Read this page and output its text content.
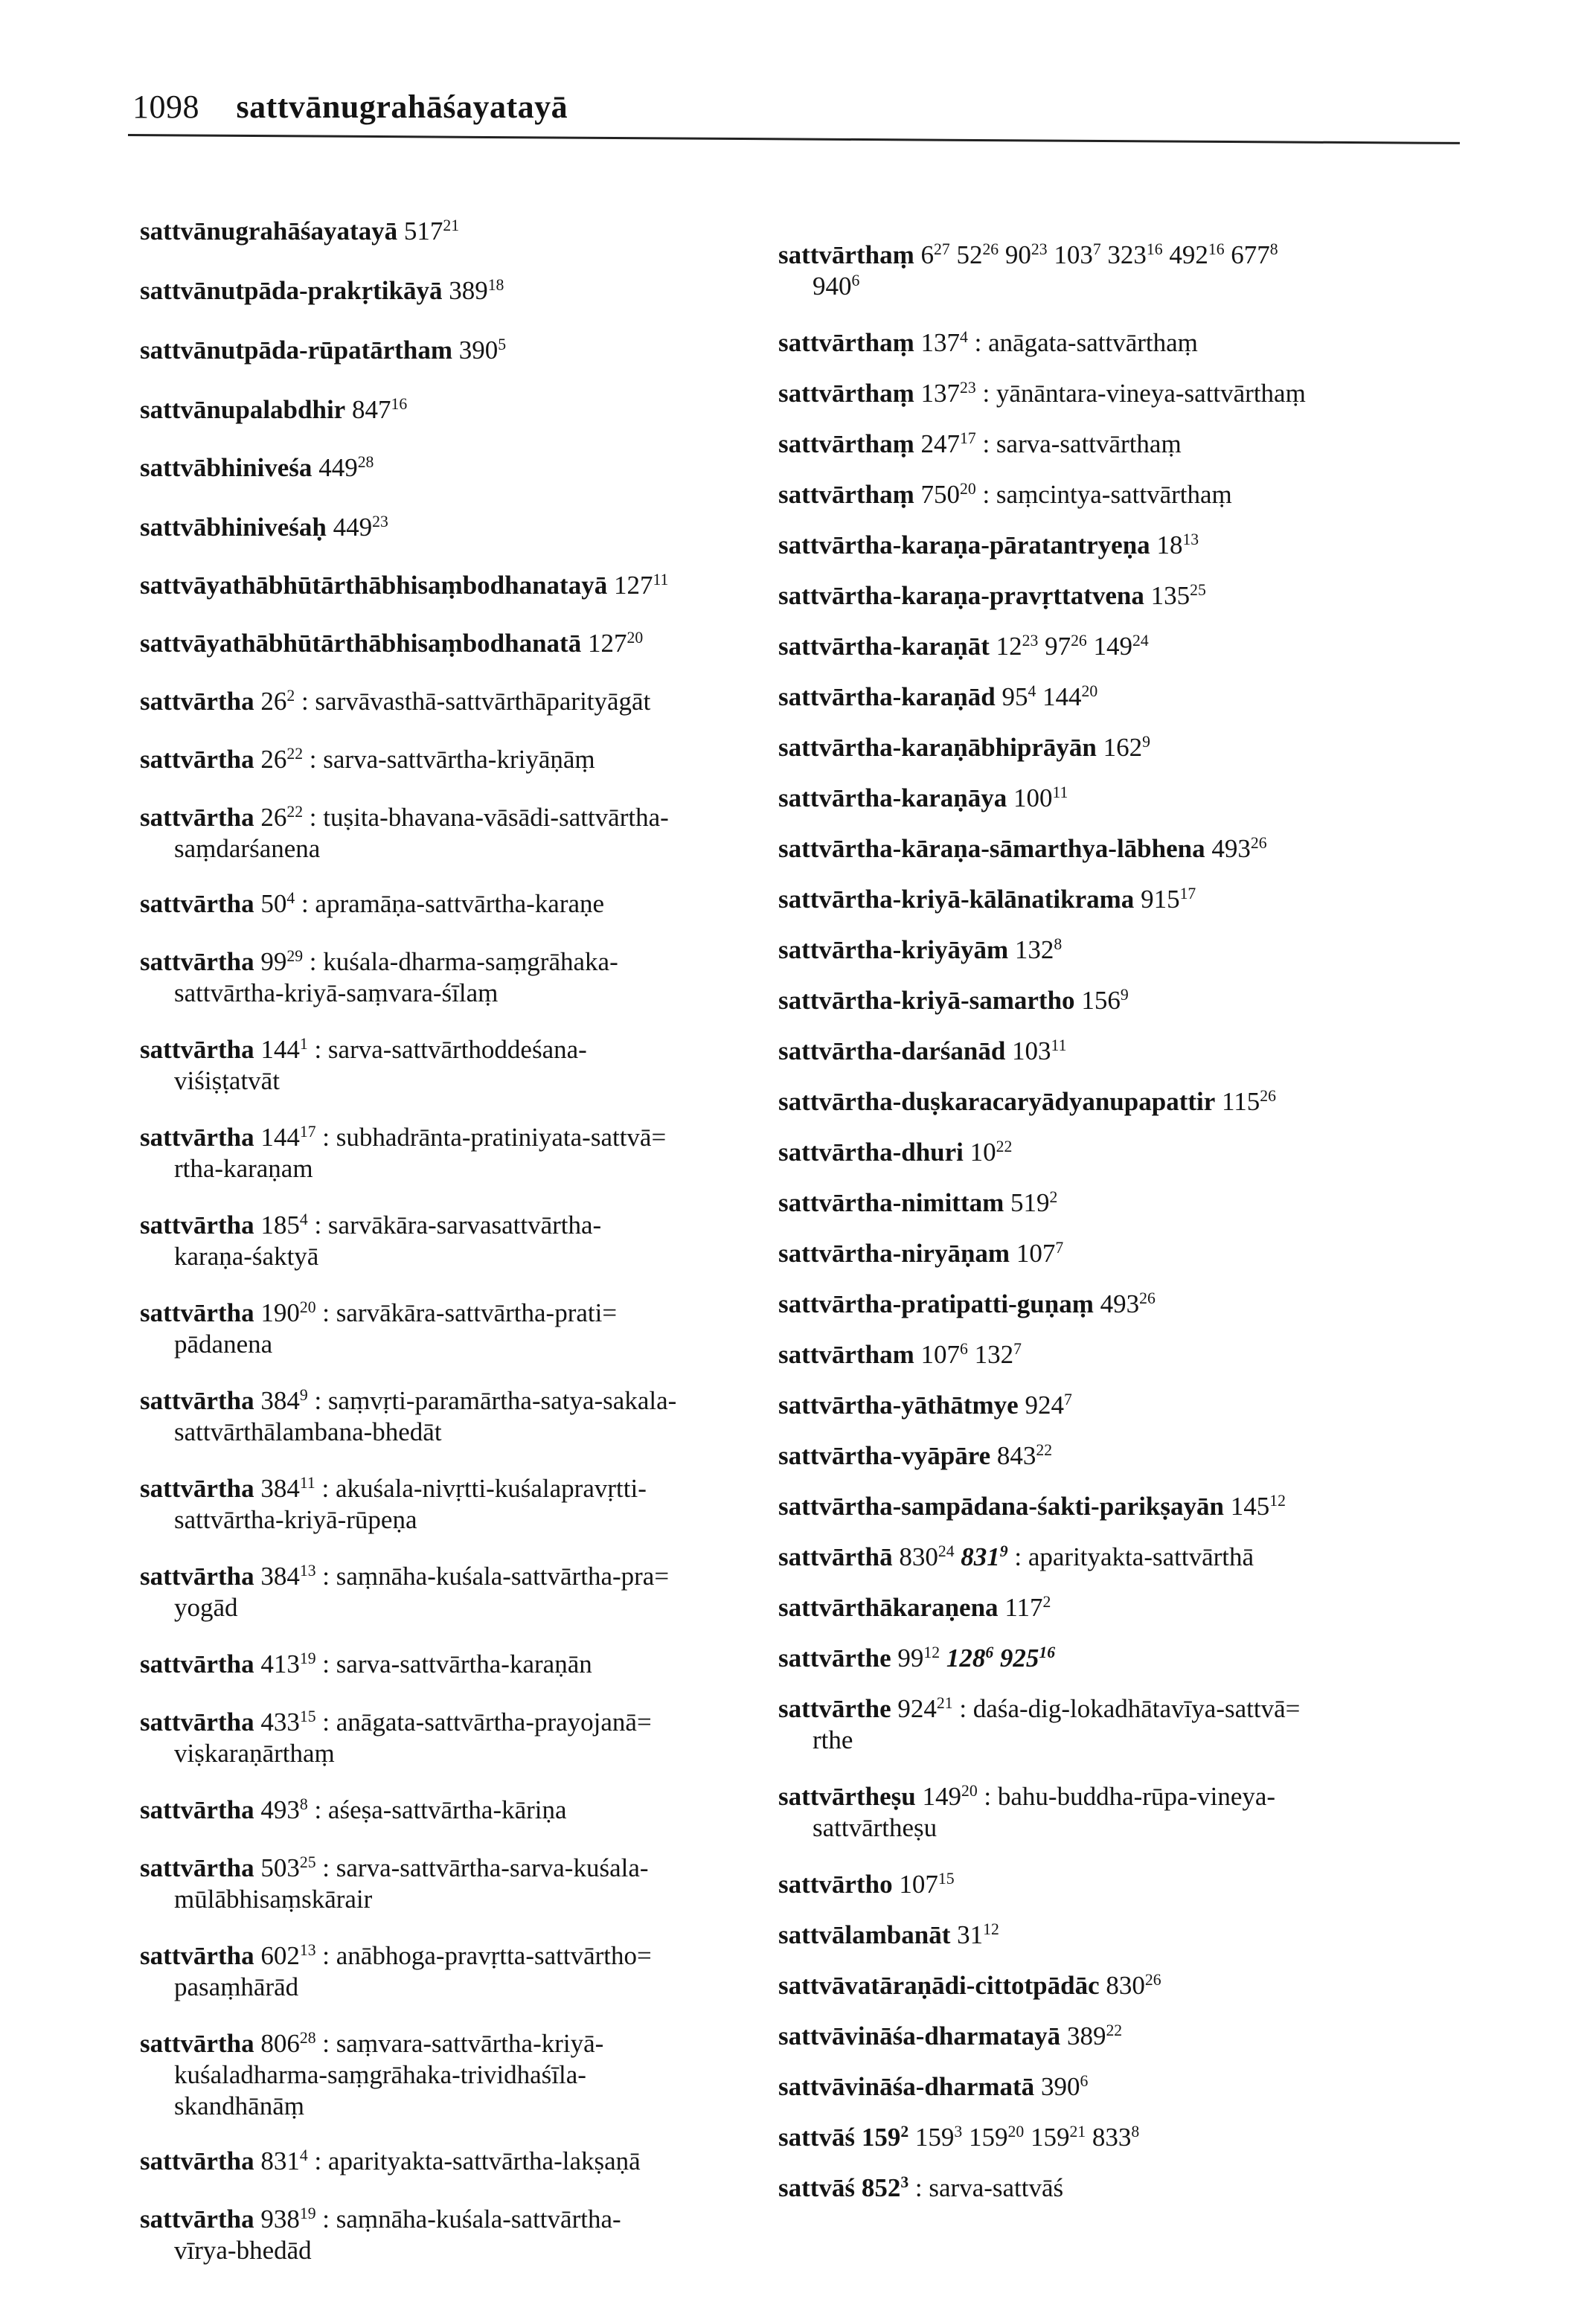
1098 sattvānugrahāśayatayā
sattvānugrahāśayatayā $517^{21}$
sattvānutpāda-prakṛtikāyā $389^{18}$
sattvānutpāda-rūpatārtham $390^5$
sattvānupalabdhir $847^{16}$
sattvābhiniveśa $449^{28}$
sattvābhiniveśaḥ $449^{23}$
sattvāyathābhūtārthābhisaṃbodhanatayā $127^{11}$
sattvāyathābhūtārthābhisaṃbodhanatā $127^{20}$
sattvārtha $26^2$ : sarvāvasthā-sattvārthāparityāgāt
sattvārtha $26^{22}$ : sarva-sattvārtha-kriyāṇāṃ
sattvārtha $26^{22}$ : tuṣita-bhavana-vāsādi-sattvārtha-
saṃdarśanena
sattvārtha $50^4$ : apramāṇa-sattvārtha-karaṇe
sattvārtha $99^{29}$ : kuśala-dharma-saṃgrāhaka-
sattvārtha-kriyā-saṃvara-śīlaṃ
sattvārtha $144^1$ : sarva-sattvārthoddeśana-
viśiṣṭatvāt
sattvārtha $144^{17}$ : subhadrānta-pratiniyata-sattvā=
rtha-karaṇam
sattvārtha $185^4$ : sarvākāra-sarvasattvārtha-
karaṇa-śaktyā
sattvārtha $190^{20}$ : sarvākāra-sattvārtha-prati=
pādanena
sattvārtha $384^9$ : saṃvṛti-paramārtha-satya-sakala-
sattvārthālambana-bhedāt
sattvārtha $384^{11}$ : akuśala-nivṛtti-kuśalapravṛtti-
sattvārtha-kriyā-rūpeṇa
sattvārtha $384^{13}$ : saṃnāha-kuśala-sattvārtha-pra=
yogād
sattvārtha $413^{19}$ : sarva-sattvārtha-karaṇān
sattvārtha $433^{15}$ : anāgata-sattvārtha-prayojanā=
viṣkaraṇārthaṃ
sattvārtha $493^8$ : aśeṣa-sattvārtha-kāriṇa
sattvārtha $503^{25}$ : sarva-sattvārtha-sarva-kuśala-
mūlābhisaṃskārair
sattvārtha $602^{13}$ : anābhoga-pravṛtta-sattvārtho=
pasaṃhārād
sattvārtha $806^{28}$ : saṃvara-sattvārtha-kriyā-
kuśaladharma-saṃgrāhaka-trividhaśīla-
skandhānāṃ
sattvārtha $831^4$ : aparityakta-sattvārtha-lakṣaṇā
sattvārtha $938^{19}$ : saṃnāha-kuśala-sattvārtha-
vīrya-bhedād
sattvārthaṃ $6^{27}$ $52^{26}$ $90^{23}$ $103^7$ $323^{16}$ $492^{16}$ $677^8$
$940^6$
sattvārthaṃ $137^4$ : anāgata-sattvārthaṃ
sattvārthaṃ $137^{23}$ : yānāntara-vineya-sattvārthaṃ
sattvārthaṃ $247^{17}$ : sarva-sattvārthaṃ
sattvārthaṃ $750^{20}$ : saṃcintya-sattvārthaṃ
sattvārtha-karaṇa-pāratantryeṇa $18^{13}$
sattvārtha-karaṇa-pravṛttatvena $135^{25}$
sattvārtha-karaṇāt $12^{23}$ $97^{26}$ $149^{24}$
sattvārtha-karaṇād $95^4$ $144^{20}$
sattvārtha-karaṇābhiprāyān $162^9$
sattvārtha-karaṇāya $100^{11}$
sattvārtha-kāraṇa-sāmarthya-lābhena $493^{26}$
sattvārtha-kriyā-kālānatikrama $915^{17}$
sattvārtha-kriyāyām $132^8$
sattvārtha-kriyā-samartho $156^9$
sattvārtha-darśanād $103^{11}$
sattvārtha-duṣkaracaryādyanupapattir $115^{26}$
sattvārtha-dhuri $10^{22}$
sattvārtha-nimittam $519^2$
sattvārtha-niryāṇam $107^7$
sattvārtha-pratipatti-guṇaṃ $493^{26}$
sattvārtham $107^6$ $132^7$
sattvārtha-yāthātmye $924^7$
sattvārtha-vyāpāre $843^{22}$
sattvārtha-sampādana-śakti-parikṣayān $145^{12}$
sattvārthā $830^{24}$ $831^9$ : aparityakta-sattvārthā
sattvārthākaraṇena $117^2$
sattvārthe $99^{12}$ $128^6$ $925^{16}$
sattvārthe $924^{21}$ : daśa-dig-lokadhātavīya-sattvā=
rthe
sattvārtheṣu $149^{20}$ : bahu-buddha-rūpa-vineya-
sattvārtheṣu
sattvārtho $107^{15}$
sattvālambanāt $31^{12}$
sattvāvatāraṇādi-cittotpādāc $830^{26}$
sattvāvināśa-dharmatayā $389^{22}$
sattvāvināśa-dharmatā $390^6$
sattvāś $159^2$ $159^3$ $159^{20}$ $159^{21}$ $833^8$
sattvāś $852^3$ : sarva-sattvāś
